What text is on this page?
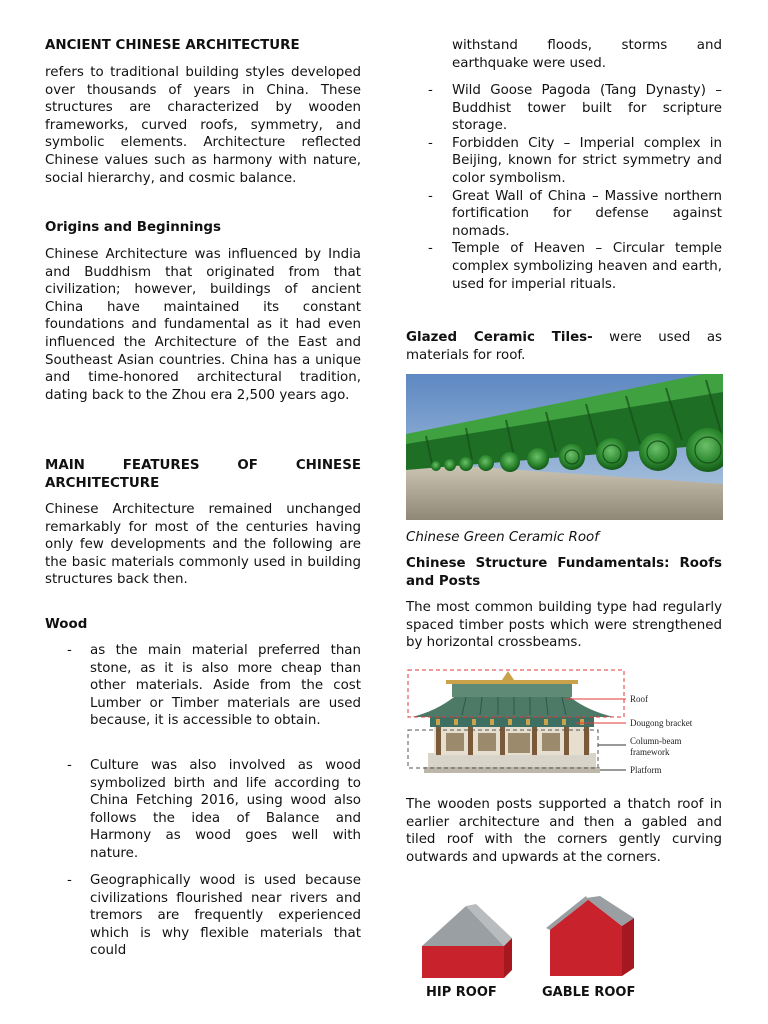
ANCIENT CHINESE ARCHITECTURE

refers to traditional building styles developed over thousands of years in China. These structures are characterized by wooden frameworks, curved roofs, symmetry, and symbolic elements. Architecture reflected Chinese values such as harmony with nature, social hierarchy, and cosmic balance.

Origins and Beginnings

Chinese Architecture was influenced by India and Buddhism that originated from that civilization; however, buildings of ancient China have maintained its constant foundations and fundamental as it had even influenced the Architecture of the East and Southeast Asian countries. China has a unique and time-honored architectural tradition, dating back to the Zhou era 2,500 years ago.

MAIN FEATURES OF CHINESE ARCHITECTURE

Chinese Architecture remained unchanged remarkably for most of the centuries having only few developments and the following are the basic materials commonly used in building structures back then.

Wood
- as the main material preferred than stone, as it is also more cheap than other materials. Aside from the cost Lumber or Timber materials are used because, it is accessible to obtain.
- Culture was also involved as wood symbolized birth and life according to China Fetching 2016, using wood also follows the idea of Balance and Harmony as wood goes well with nature.
- Geographically wood is used because civilizations flourished near rivers and tremors are frequently experienced which is why flexible materials that could
withstand floods, storms and earthquake were used.
- Wild Goose Pagoda (Tang Dynasty) – Buddhist tower built for scripture storage.
- Forbidden City – Imperial complex in Beijing, known for strict symmetry and color symbolism.
- Great Wall of China – Massive northern fortification for defense against nomads.
- Temple of Heaven – Circular temple complex symbolizing heaven and earth, used for imperial rituals.

Glazed Ceramic Tiles- were used as materials for roof.

Chinese Green Ceramic Roof

Chinese Structure Fundamentals: Roofs and Posts

The most common building type had regularly spaced timber posts which were strengthened by horizontal crossbeams.

Roof
Dougong bracket
Column-beam
framework
Platform

The wooden posts supported a thatch roof in earlier architecture and then a gabled and tiled roof with the corners gently curving outwards and upwards at the corners.

HIP ROOF	GABLE ROOF
